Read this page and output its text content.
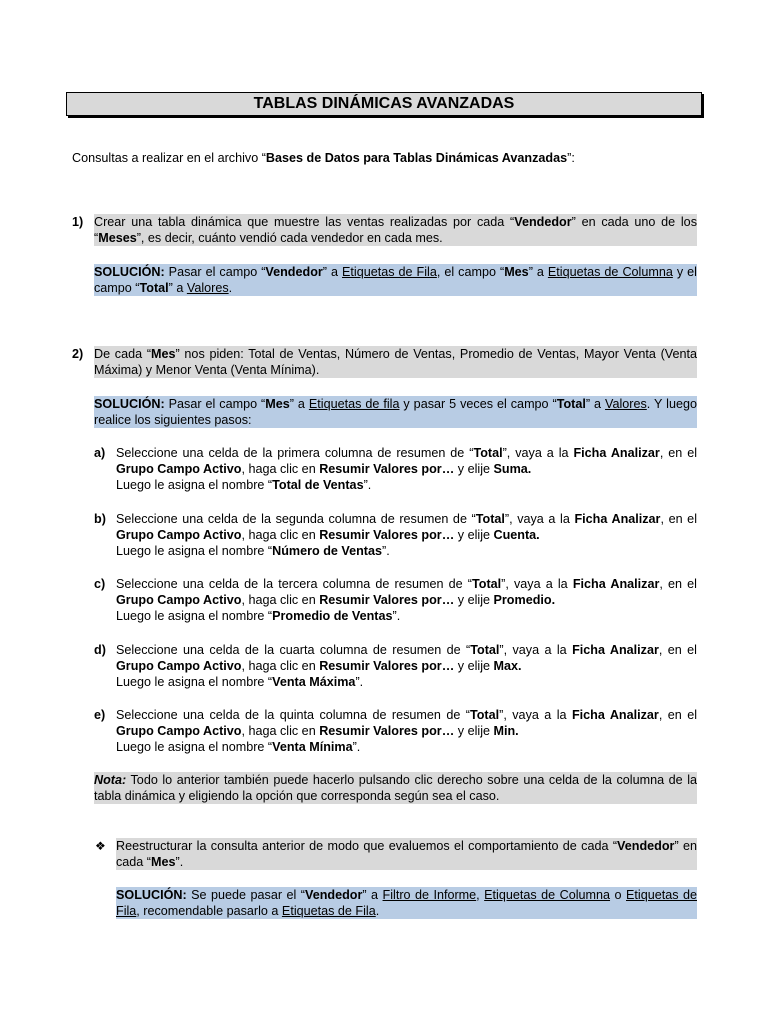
TABLAS DINÁMICAS AVANZADAS
Consultas a realizar en el archivo “Bases de Datos para Tablas Dinámicas Avanzadas”:
1) Crear una tabla dinámica que muestre las ventas realizadas por cada “Vendedor” en cada uno de los “Meses”, es decir, cuánto vendió cada vendedor en cada mes.
SOLUCIÓN: Pasar el campo “Vendedor” a Etiquetas de Fila, el campo “Mes” a Etiquetas de Columna y el campo “Total” a Valores.
2) De cada “Mes” nos piden: Total de Ventas, Número de Ventas, Promedio de Ventas, Mayor Venta (Venta Máxima) y Menor Venta (Venta Mínima).
SOLUCIÓN: Pasar el campo “Mes” a Etiquetas de fila y pasar 5 veces el campo “Total” a Valores. Y luego realice los siguientes pasos:
a) Seleccione una celda de la primera columna de resumen de “Total”, vaya a la Ficha Analizar, en el Grupo Campo Activo, haga clic en Resumir Valores por… y elije Suma.
Luego le asigna el nombre “Total de Ventas”.
b) Seleccione una celda de la segunda columna de resumen de “Total”, vaya a la Ficha Analizar, en el Grupo Campo Activo, haga clic en Resumir Valores por… y elije Cuenta.
Luego le asigna el nombre “Número de Ventas”.
c) Seleccione una celda de la tercera columna de resumen de “Total”, vaya a la Ficha Analizar, en el Grupo Campo Activo, haga clic en Resumir Valores por… y elije Promedio.
Luego le asigna el nombre “Promedio de Ventas”.
d) Seleccione una celda de la cuarta columna de resumen de “Total”, vaya a la Ficha Analizar, en el Grupo Campo Activo, haga clic en Resumir Valores por… y elije Max.
Luego le asigna el nombre “Venta Máxima”.
e) Seleccione una celda de la quinta columna de resumen de “Total”, vaya a la Ficha Analizar, en el Grupo Campo Activo, haga clic en Resumir Valores por… y elije Min.
Luego le asigna el nombre “Venta Mínima”.
Nota: Todo lo anterior también puede hacerlo pulsando clic derecho sobre una celda de la columna de la tabla dinámica y eligiendo la opción que corresponda según sea el caso.
❖ Reestructurar la consulta anterior de modo que evaluemos el comportamiento de cada “Vendedor” en cada “Mes”.
SOLUCIÓN: Se puede pasar el “Vendedor” a Filtro de Informe, Etiquetas de Columna o Etiquetas de Fila, recomendable pasarlo a Etiquetas de Fila.
